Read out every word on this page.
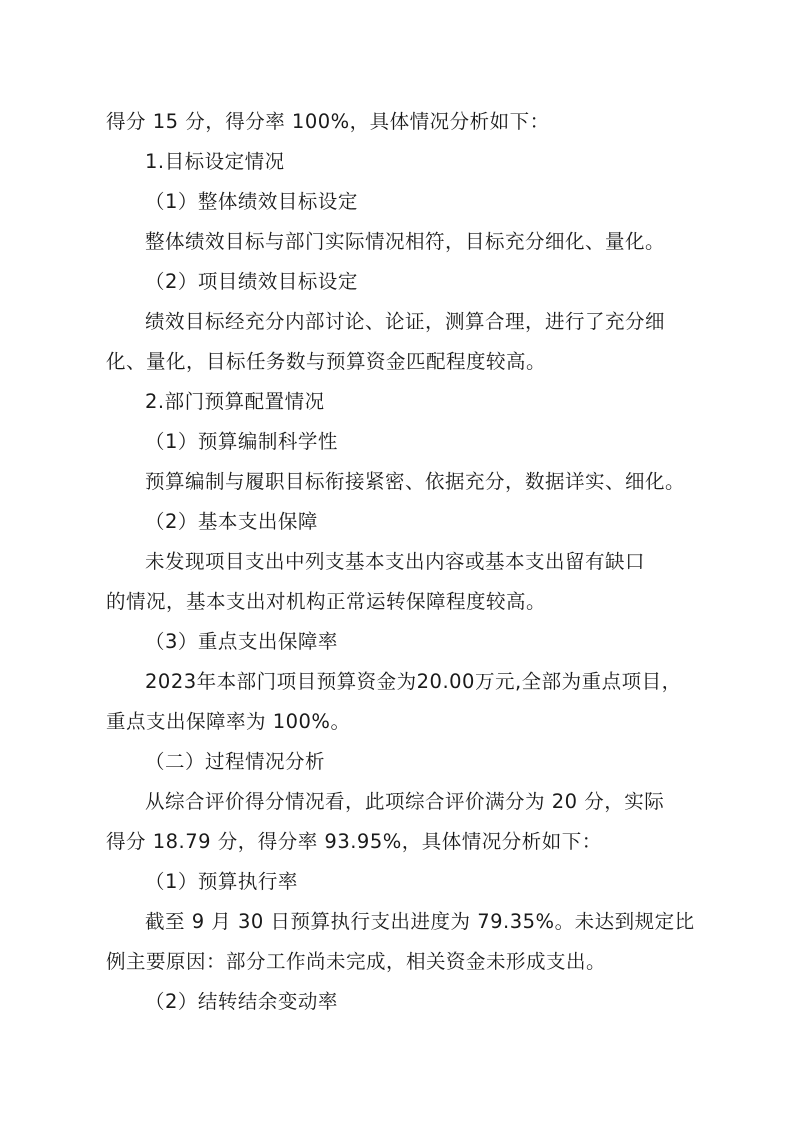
得分 15 分，得分率 100%，具体情况分析如下：
1.目标设定情况
（1）整体绩效目标设定
整体绩效目标与部门实际情况相符，目标充分细化、量化。
（2）项目绩效目标设定
绩效目标经充分内部讨论、论证，测算合理，进行了充分细
化、量化，目标任务数与预算资金匹配程度较高。
2.部门预算配置情况
（1）预算编制科学性
预算编制与履职目标衔接紧密、依据充分，数据详实、细化。
（2）基本支出保障
未发现项目支出中列支基本支出内容或基本支出留有缺口
的情况，基本支出对机构正常运转保障程度较高。
（3）重点支出保障率
2023年本部门项目预算资金为20.00万元,全部为重点项目，
重点支出保障率为 100%。
（二）过程情况分析
从综合评价得分情况看，此项综合评价满分为 20 分，实际
得分 18.79 分，得分率 93.95%，具体情况分析如下：
（1）预算执行率
截至 9 月 30 日预算执行支出进度为 79.35%。未达到规定比
例主要原因：部分工作尚未完成，相关资金未形成支出。
（2）结转结余变动率
